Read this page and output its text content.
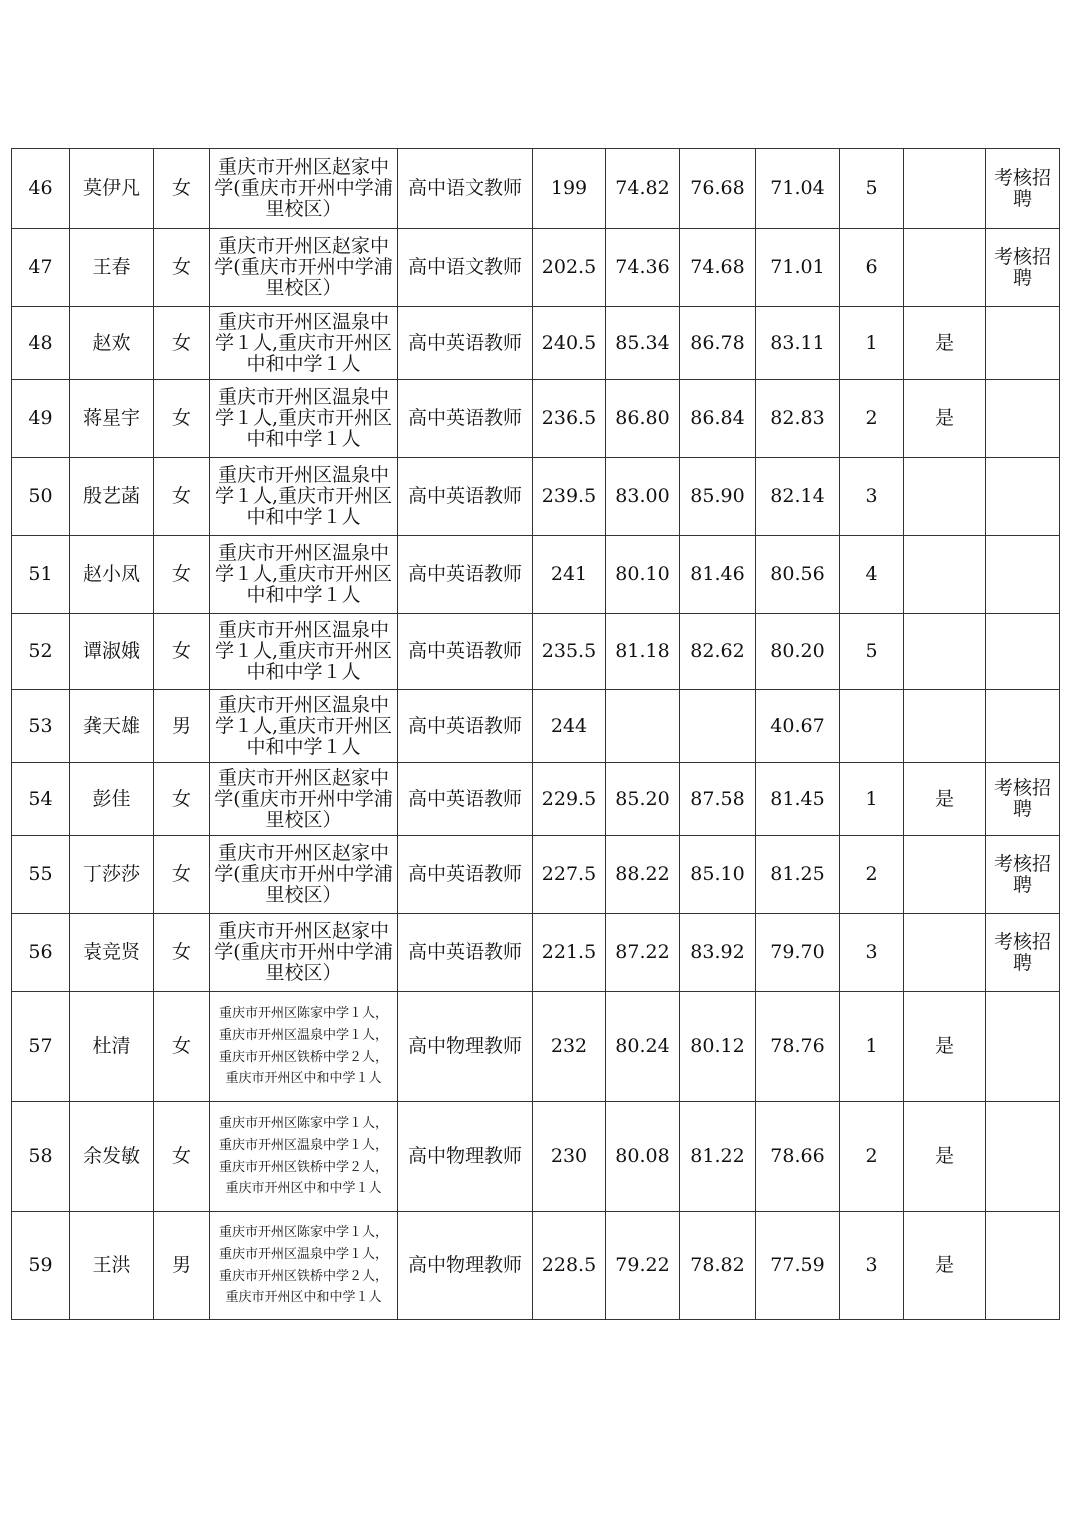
46	莫伊凡	女	重庆市开州区赵家中学(重庆市开州中学浦里校区）	高中语文教师	199	74.82	76.68	71.04	5		考核招聘
47	王春	女	重庆市开州区赵家中学(重庆市开州中学浦里校区）	高中语文教师	202.5	74.36	74.68	71.01	6		考核招聘
48	赵欢	女	重庆市开州区温泉中学１人,重庆市开州区中和中学１人	高中英语教师	240.5	85.34	86.78	83.11	1	是	
49	蒋星宇	女	重庆市开州区温泉中学１人,重庆市开州区中和中学１人	高中英语教师	236.5	86.80	86.84	82.83	2	是	
50	殷艺菡	女	重庆市开州区温泉中学１人,重庆市开州区中和中学１人	高中英语教师	239.5	83.00	85.90	82.14	3		
51	赵小凤	女	重庆市开州区温泉中学１人,重庆市开州区中和中学１人	高中英语教师	241	80.10	81.46	80.56	4		
52	谭淑娥	女	重庆市开州区温泉中学１人,重庆市开州区中和中学１人	高中英语教师	235.5	81.18	82.62	80.20	5		
53	龚天雄	男	重庆市开州区温泉中学１人,重庆市开州区中和中学１人	高中英语教师	244			40.67			
54	彭佳	女	重庆市开州区赵家中学(重庆市开州中学浦里校区）	高中英语教师	229.5	85.20	87.58	81.45	1	是	考核招聘
55	丁莎莎	女	重庆市开州区赵家中学(重庆市开州中学浦里校区）	高中英语教师	227.5	88.22	85.10	81.25	2		考核招聘
56	袁竞贤	女	重庆市开州区赵家中学(重庆市开州中学浦里校区）	高中英语教师	221.5	87.22	83.92	79.70	3		考核招聘
57	杜清	女	重庆市开州区陈家中学１人，重庆市开州区温泉中学１人，重庆市开州区铁桥中学２人，重庆市开州区中和中学１人	高中物理教师	232	80.24	80.12	78.76	1	是	
58	余发敏	女	重庆市开州区陈家中学１人，重庆市开州区温泉中学１人，重庆市开州区铁桥中学２人，重庆市开州区中和中学１人	高中物理教师	230	80.08	81.22	78.66	2	是	
59	王洪	男	重庆市开州区陈家中学１人，重庆市开州区温泉中学１人，重庆市开州区铁桥中学２人，重庆市开州区中和中学１人	高中物理教师	228.5	79.22	78.82	77.59	3	是	
